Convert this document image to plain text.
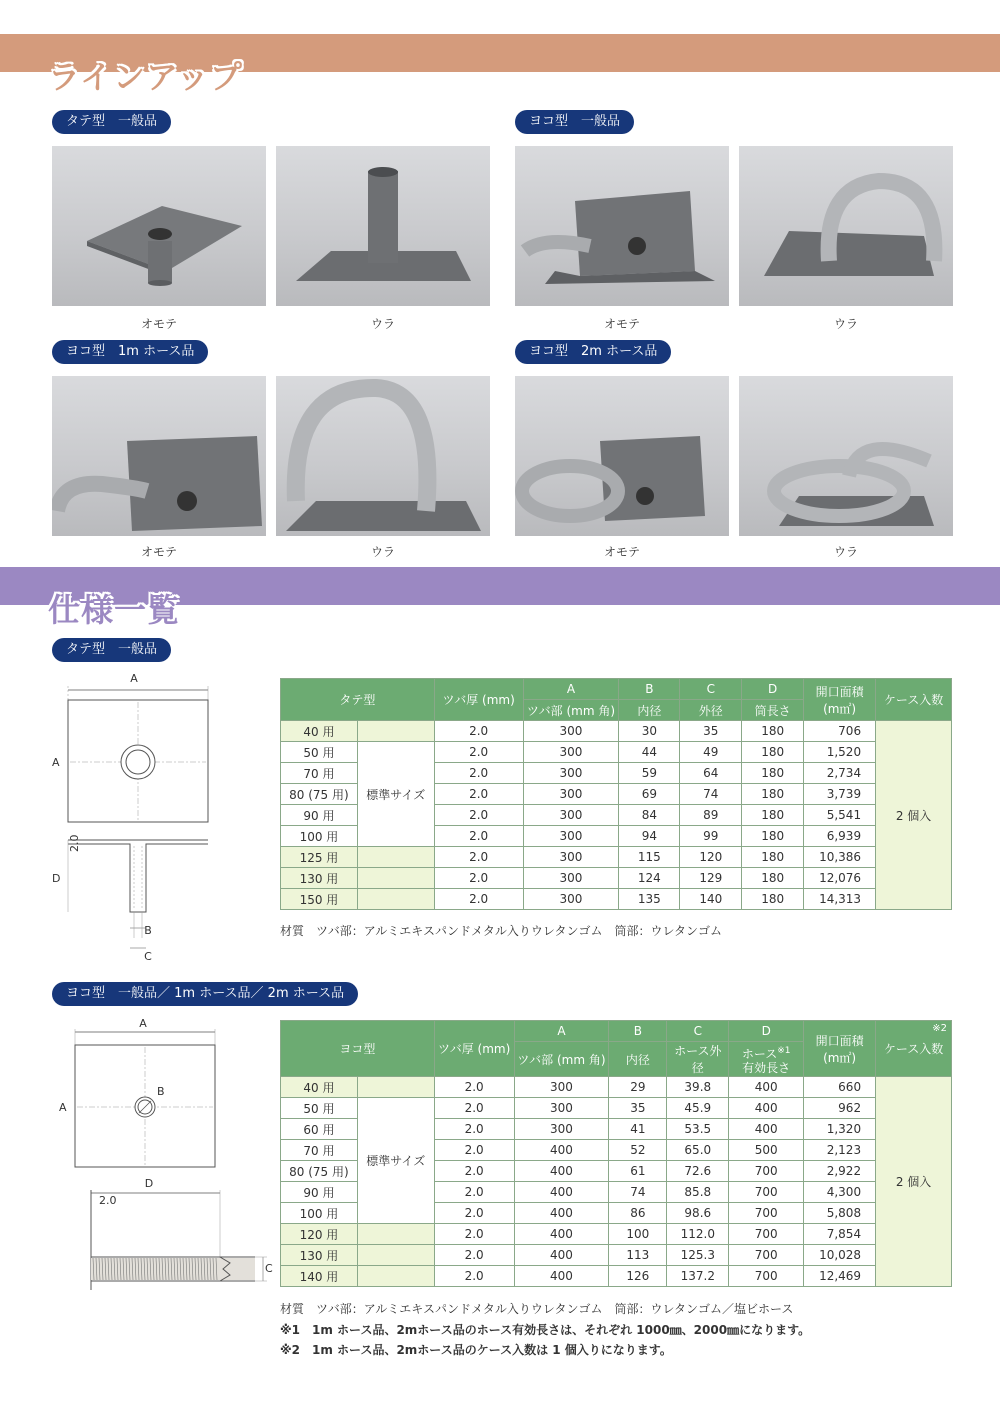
ラインアップ
タテ型　一般品	ヨコ型　一般品
ヨコ型　1m ホース品	ヨコ型　2m ホース品
オモテ	ウラ	オモテ	ウラ
オモテ	ウラ	オモテ	ウラ
仕様一覧
タテ型　一般品
A
A
D
B
C
2.0
タテ型		ツバ厚 (mm)	A	B	C	D	開口面積
(m㎡)	ケース入数
			ツバ部 (mm 角)	内径	外径	筒長さ		
40 用		2.0	300	30	35	180	706	2 個入
50 用	標準サイズ	2.0	300	44	49	180	1,520	
70 用		2.0	300	59	64	180	2,734	
80 (75 用)		2.0	300	69	74	180	3,739	
90 用		2.0	300	84	89	180	5,541	
100 用		2.0	300	94	99	180	6,939	
125 用		2.0	300	115	120	180	10,386	
130 用		2.0	300	124	129	180	12,076	
150 用		2.0	300	135	140	180	14,313	
材質　ツバ部：アルミエキスパンドメタル入りウレタンゴム　筒部：ウレタンゴム
ヨコ型　一般品／ 1m ホース品／ 2m ホース品
A
A
B
D
C
2.0
ヨコ型		ツバ厚 (mm)	A	B	C	D	開口面積
(m㎡)	※2
ケース入数
			ツバ部 (mm 角)	内径	ホース外径	ホース$^{※1}$
有効長さ		
40 用		2.0	300	29	39.8	400	660	2 個入
50 用	標準サイズ	2.0	300	35	45.9	400	962	
60 用		2.0	300	41	53.5	400	1,320	
70 用		2.0	400	52	65.0	500	2,123	
80 (75 用)		2.0	400	61	72.6	700	2,922	
90 用		2.0	400	74	85.8	700	4,300	
100 用		2.0	400	86	98.6	700	5,808	
120 用		2.0	400	100	112.0	700	7,854	
130 用		2.0	400	113	125.3	700	10,028	
140 用		2.0	400	126	137.2	700	12,469	
材質　ツバ部：アルミエキスパンドメタル入りウレタンゴム　筒部：ウレタンゴム／塩ビホース
※1　1m ホース品、2mホース品のホース有効長さは、それぞれ 1000㎜、2000㎜になります。
※2　1m ホース品、2mホース品のケース入数は 1 個入りになります。
